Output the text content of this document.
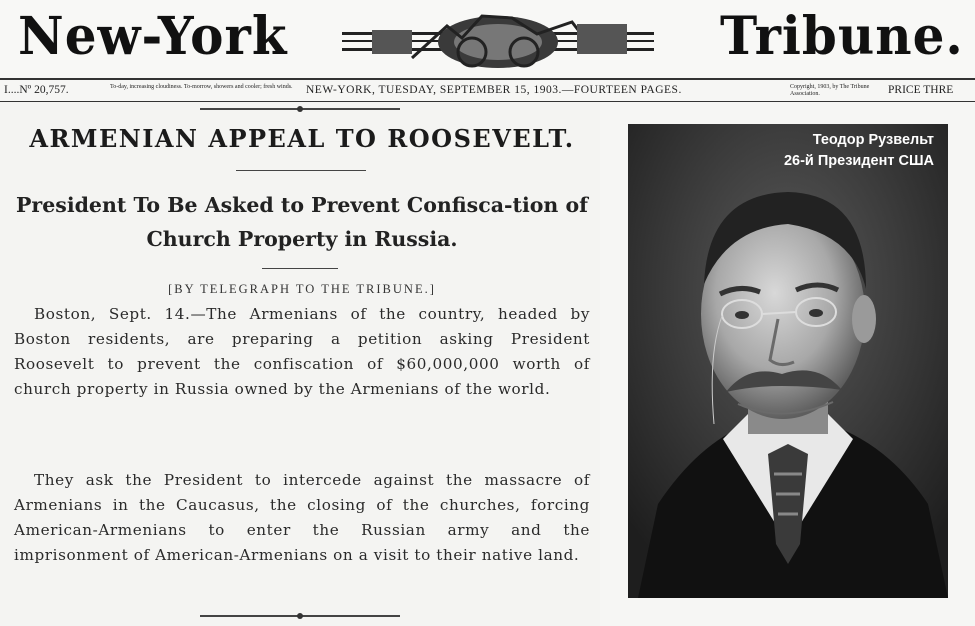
New-York	Tribune.
I....Nº 20,757.	To-day, increasing cloudiness. To-morrow, showers and cooler; fresh winds.	NEW-YORK, TUESDAY, SEPTEMBER 15, 1903.—FOURTEEN PAGES.	Copyright, 1903, by The Tribune Association.	PRICE THRE
ARMENIAN APPEAL TO ROOSEVELT.
President To Be Asked to Prevent Confisca-tion of Church Property in Russia.
[BY TELEGRAPH TO THE TRIBUNE.]
Boston, Sept. 14.—The Armenians of the country, headed by Boston residents, are preparing a petition asking President Roosevelt to prevent the confiscation of $60,000,000 worth of church property in Russia owned by the Armenians of the world.
They ask the President to intercede against the massacre of Armenians in the Caucasus, the closing of the churches, forcing American-Armenians to enter the Russian army and the imprisonment of American-Armenians on a visit to their native land.
Теодор Рузвельт
26-й Президент США
